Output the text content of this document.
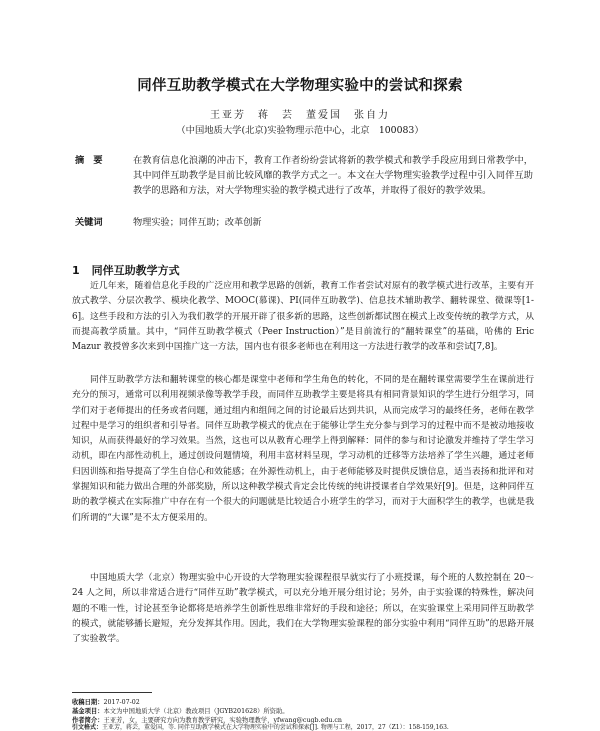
同伴互助教学模式在大学物理实验中的尝试和探索
王亚芳　蒋　芸　董爱国　张自力
（中国地质大学(北京)实验物理示范中心，北京　100083）
摘　要	在教育信息化浪潮的冲击下，教育工作者纷纷尝试将新的教学模式和教学手段应用到日常教学中，其中同伴互助教学是目前比较风靡的教学方式之一。本文在大学物理实验教学过程中引入同伴互助教学的思路和方法，对大学物理实验的教学模式进行了改革，并取得了很好的教学效果。
关键词	物理实验；同伴互助；改革创新
1 同伴互助教学方式

近几年来，随着信息化手段的广泛应用和教学思路的创新，教育工作者尝试对原有的教学模式进行改革，主要有开放式教学、分层次教学、模块化教学、MOOC(慕课)、PI(同伴互助教学)、信息技术辅助教学、翻转课堂、微课等[1-6]。这些手段和方法的引入为我们教学的开展开辟了很多新的思路，这些创新都试图在模式上改变传统的教学方式，从而提高教学质量。其中，“同伴互助教学模式（Peer Instruction）”是目前流行的“翻转课堂”的基础，哈佛的 Eric Mazur 教授曾多次来到中国推广这一方法，国内也有很多老师也在利用这一方法进行教学的改革和尝试[7,8]。

同伴互助教学方法和翻转课堂的核心都是课堂中老师和学生角色的转化，不同的是在翻转课堂需要学生在课前进行充分的预习，通常可以利用视频录像等教学手段，而同伴互助教学主要是将具有相同背景知识的学生进行分组学习，同学们对于老师提出的任务或者问题，通过组内和组间之间的讨论最后达到共识，从而完成学习的最终任务，老师在教学过程中是学习的组织者和引导者。同伴互助教学模式的优点在于能够让学生充分参与到学习的过程中而不是被动地接收知识，从而获得最好的学习效果。当然，这也可以从教育心理学上得到解释：同伴的参与和讨论激发并维持了学生学习动机，即在内部性动机上，通过创设问题情境，利用丰富材料呈现，学习动机的迁移等方法培养了学生兴趣，通过老师归因训练和指导提高了学生自信心和效能感；在外源性动机上，由于老师能够及时提供反馈信息，适当表扬和批评和对掌握知识和能力做出合理的外部奖励，所以这种教学模式肯定会比传统的纯讲授课者自学效果好[9]。但是，这种同伴互助的教学模式在实际推广中存在有一个很大的问题就是比较适合小班学生的学习，而对于大面积学生的教学，也就是我们所谓的“大课”是不太方便采用的。

中国地质大学（北京）物理实验中心开设的大学物理实验课程很早就实行了小班授课，每个班的人数控制在 20～24 人之间，所以非常适合进行“同伴互助”教学模式，可以充分地开展分组讨论；另外，由于实验课的特殊性，解决问题的不唯一性，讨论甚至争论都将是培养学生创新性思维非常好的手段和途径；所以，在实验课堂上采用同伴互助教学的模式，就能够播长避短，充分发挥其作用。因此，我们在大学物理实验课程的部分实验中利用“同伴互助”的思路开展了实验教学。

收稿日期：2017-07-02
基金项目：本文为中国地质大学（北京）教改项目（JGYB201628）所资助。
作者简介：王亚芳，女，主要研究方向为教育教学研究，实验物理教学，yfwang@cugb.edu.cn
引文格式：王亚芳，蒋芸，董爱国，等. 同伴互助教学模式在大学物理实验中的尝试和探索[J]. 物理与工程，2017，27（Z1）：158-159,163.
